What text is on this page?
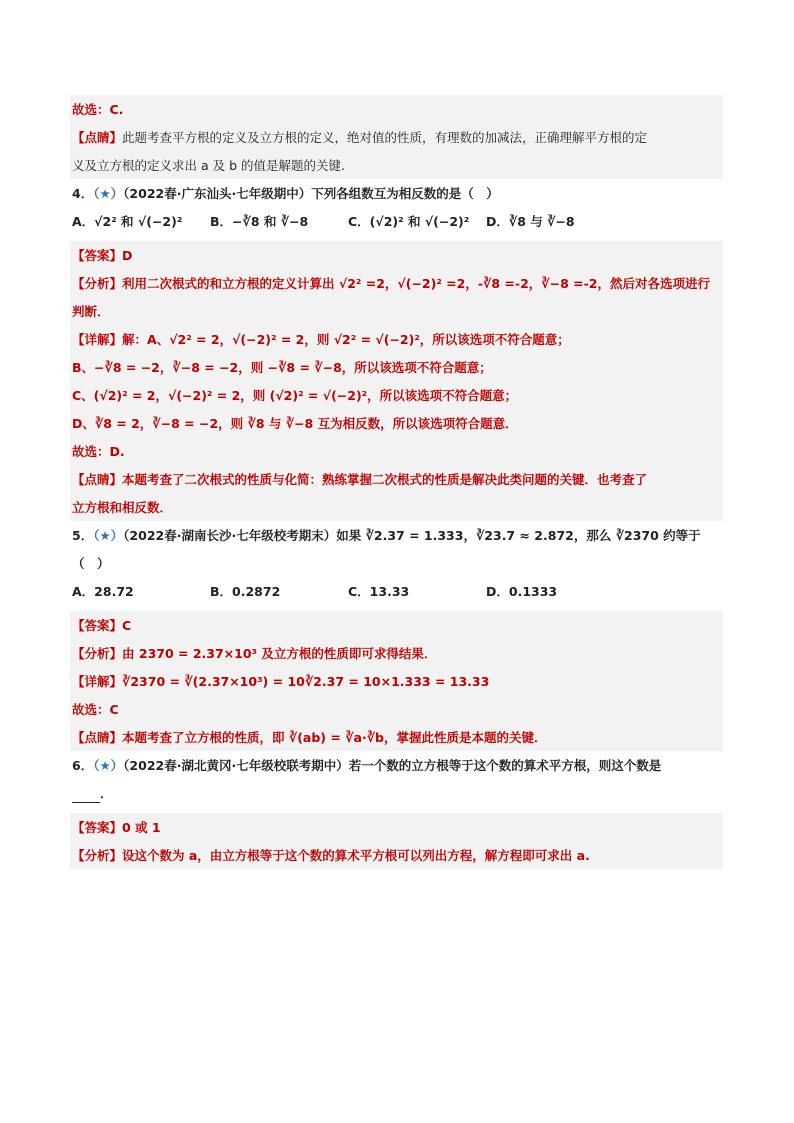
故选：C.
【点睛】此题考查平方根的定义及立方根的定义，绝对值的性质，有理数的加减法，正确理解平方根的定
义及立方根的定义求出 a 及 b 的值是解题的关键.
4．（★）（2022春·广东汕头·七年级期中）下列各组数互为相反数的是（　）
A．√2² 和 √(−2)² B．−∛8 和 ∛−8	C．(√2)² 和 √(−2)² D．∛8 与 ∛−8
【答案】D
【分析】利用二次根式的和立方根的定义计算出 √2² =2，√(−2)² =2，-∛8 =-2，∛−8 =-2，然后对各选项进行
判断．
【详解】解：A、√2² = 2，√(−2)² = 2，则 √2² = √(−2)²，所以该选项不符合题意；
B、−∛8 = −2，∛−8 = −2，则 −∛8 = ∛−8，所以该选项不符合题意；
C、(√2)² = 2，√(−2)² = 2，则 (√2)² = √(−2)²，所以该选项不符合题意；
D、∛8 = 2，∛−8 = −2，则 ∛8 与 ∛−8 互为相反数，所以该选项符合题意．
故选：D.
【点睛】本题考查了二次根式的性质与化简：熟练掌握二次根式的性质是解决此类问题的关键．也考查了
立方根和相反数．
5．（★）（2022春·湖南长沙·七年级校考期末）如果 ∛2.37 = 1.333，∛23.7 ≈ 2.872，那么 ∛2370 约等于
（　）
A．28.72	B．0.2872	C．13.33	D．0.1333
【答案】C
【分析】由 2370 = 2.37×10³ 及立方根的性质即可求得结果．
【详解】∛2370 = ∛(2.37×10³) = 10∛2.37 = 10×1.333 = 13.33
故选：C
【点睛】本题考查了立方根的性质，即 ∛(ab) = ∛a·∛b，掌握此性质是本题的关键．
6．（★）（2022春·湖北黄冈·七年级校联考期中）若一个数的立方根等于这个数的算术平方根，则这个数是
．
【答案】0 或 1
【分析】设这个数为 a，由立方根等于这个数的算术平方根可以列出方程，解方程即可求出 a.
